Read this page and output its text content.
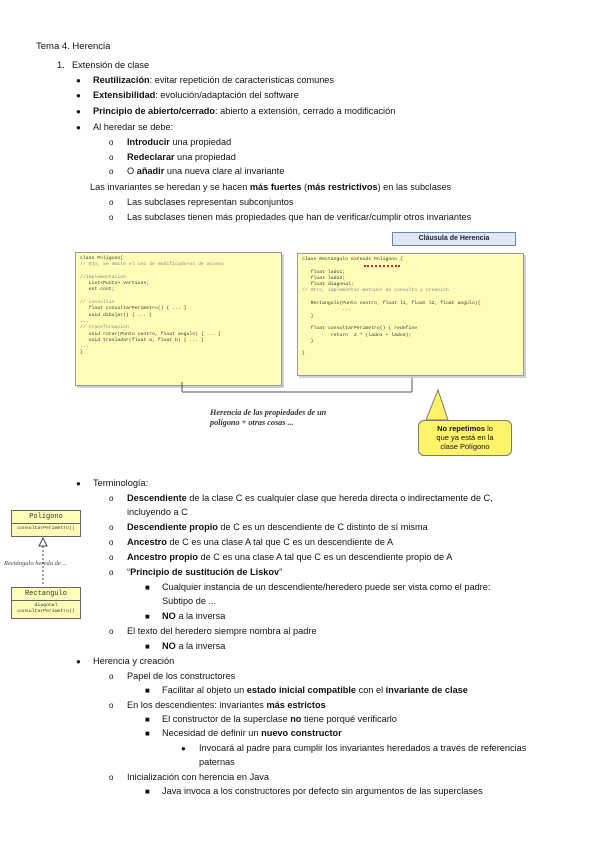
Tema 4. Herencia
1. Extensión de clase
● Reutilización: evitar repetición de características comunes
● Extensibilidad: evolución/adaptación del software
● Principio de abierto/cerrado: abierto a extensión, cerrado a modificación
● Al heredar se debe:
o Introducir una propiedad
o Redeclarar una propiedad
o O añadir una nueva clare al invariante
Las invariantes se heredan y se hacen más fuertes (más restrictivos) en las subclases
o Las subclases representan subconjuntos
o Las subclases tienen más propiedades que han de verificar/cumplir otros invariantes
class Poligono{
// Ojo, se omite el uso de modificadores de acceso

//implementacion
List<Punto> vertices;
est cont;

// consultas
float consultarPerimetro() { ... }
void dibujar() { ... }
...
// transformacion
void rotar(Punto centro, float angulo) { ... }
void trasladar(float a, float b) { ... }
...
}
class Rectangulo extends Poligono {

float lado1;
float lado2;
float diagonal;
// Otro, implementar metodos de consulta y creacion

Rectangulo(Punto centro, float l1, float l2, float angulo){
...
}

float consultarPerimetro() { redefine
return  2 * (lado1 + lado2);
}

}
Cláusula de Herencia
Herencia de las propiedades de un
polígono + otras cosas ...
No repetimos lo
que ya está en la
clase Polígono
● Terminología:
o Descendiente de la clase C es cualquier clase que hereda directa o indirectamente de C,
incluyendo a C
o Descendiente propio de C es un descendiente de C distinto de sí misma
o Ancestro de C es una clase A tal que C es un descendiente de A
o Ancestro propio de C es una clase A tal que C es un descendiente propio de A
o “Principio de sustitución de Liskov”
■ Cualquier instancia de un descendiente/heredero puede ser vista como el padre:
Subtipo de ...
■ NO a la inversa
o El texto del heredero siempre nombra al padre
■ NO a la inversa
Poligono
consultarPerimetro()
Rectángulo hereda de ...
Rectangulo
diagonal
consultarPerimetro()
● Herencia y creación
o Papel de los constructores
■ Facilitar al objeto un estado inicial compatible con el invariante de clase
o En los descendientes: invariantes más estrictos
■ El constructor de la superclase no tiene porqué verificarlo
■ Necesidad de definir un nuevo constructor
● Invocará al padre para cumplir los invariantes heredados a través de referencias
paternas
o Inicialización con herencia en Java
■ Java invoca a los constructores por defecto sin argumentos de las superclases
